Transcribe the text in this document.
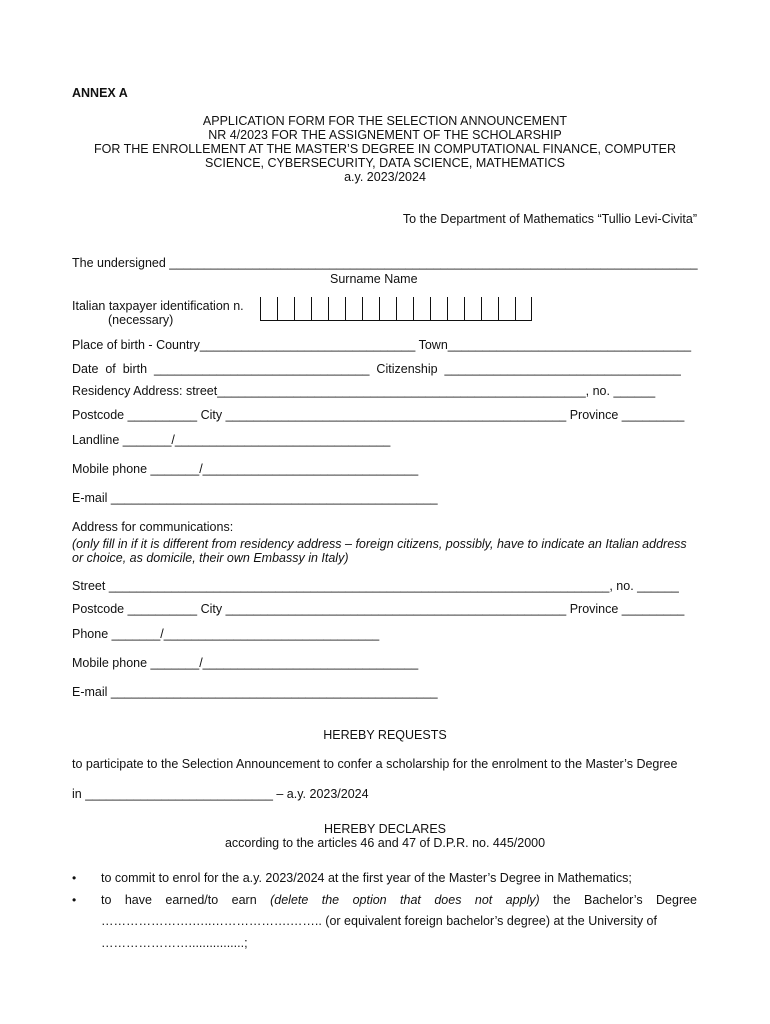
ANNEX A
APPLICATION FORM FOR THE SELECTION ANNOUNCEMENT
NR 4/2023 FOR THE ASSIGNEMENT OF THE SCHOLARSHIP
FOR THE ENROLLEMENT AT THE MASTER’S DEGREE IN COMPUTATIONAL FINANCE, COMPUTER
SCIENCE, CYBERSECURITY, DATA SCIENCE, MATHEMATICS
a.y. 2023/2024
To the Department of Mathematics “Tullio Levi-Civita”
The undersigned ____________________________________________________________________________
Surname Name
Italian taxpayer identification n.
(necessary)
Place of birth - Country_______________________________ Town___________________________________
Date  of  birth  _______________________________  Citizenship  __________________________________
Residency Address: street_____________________________________________________, no. ______
Postcode __________ City _________________________________________________ Province _________
Landline _______/_______________________________
Mobile phone _______/_______________________________
E-mail _______________________________________________
Address for communications:
(only fill in if it is different from residency address – foreign citizens, possibly, have to indicate an Italian address
or choice, as domicile, their own Embassy in Italy)
Street ________________________________________________________________________, no. ______
Postcode __________ City _________________________________________________ Province _________
Phone _______/_______________________________
Mobile phone _______/_______________________________
E-mail _______________________________________________
HEREBY REQUESTS
to participate to the Selection Announcement to confer a scholarship for the enrolment to the Master’s Degree
in ___________________________ – a.y. 2023/2024
HEREBY DECLARES
according to the articles 46 and 47 of D.P.R. no. 445/2000
• to commit to enrol for the a.y. 2023/2024 at the first year of the Master’s Degree in Mathematics;
• to have earned/to earn (delete the option that does not apply) the Bachelor’s Degree
………………….…..……………….…….. (or equivalent foreign bachelor’s degree) at the University of
…………………................;
